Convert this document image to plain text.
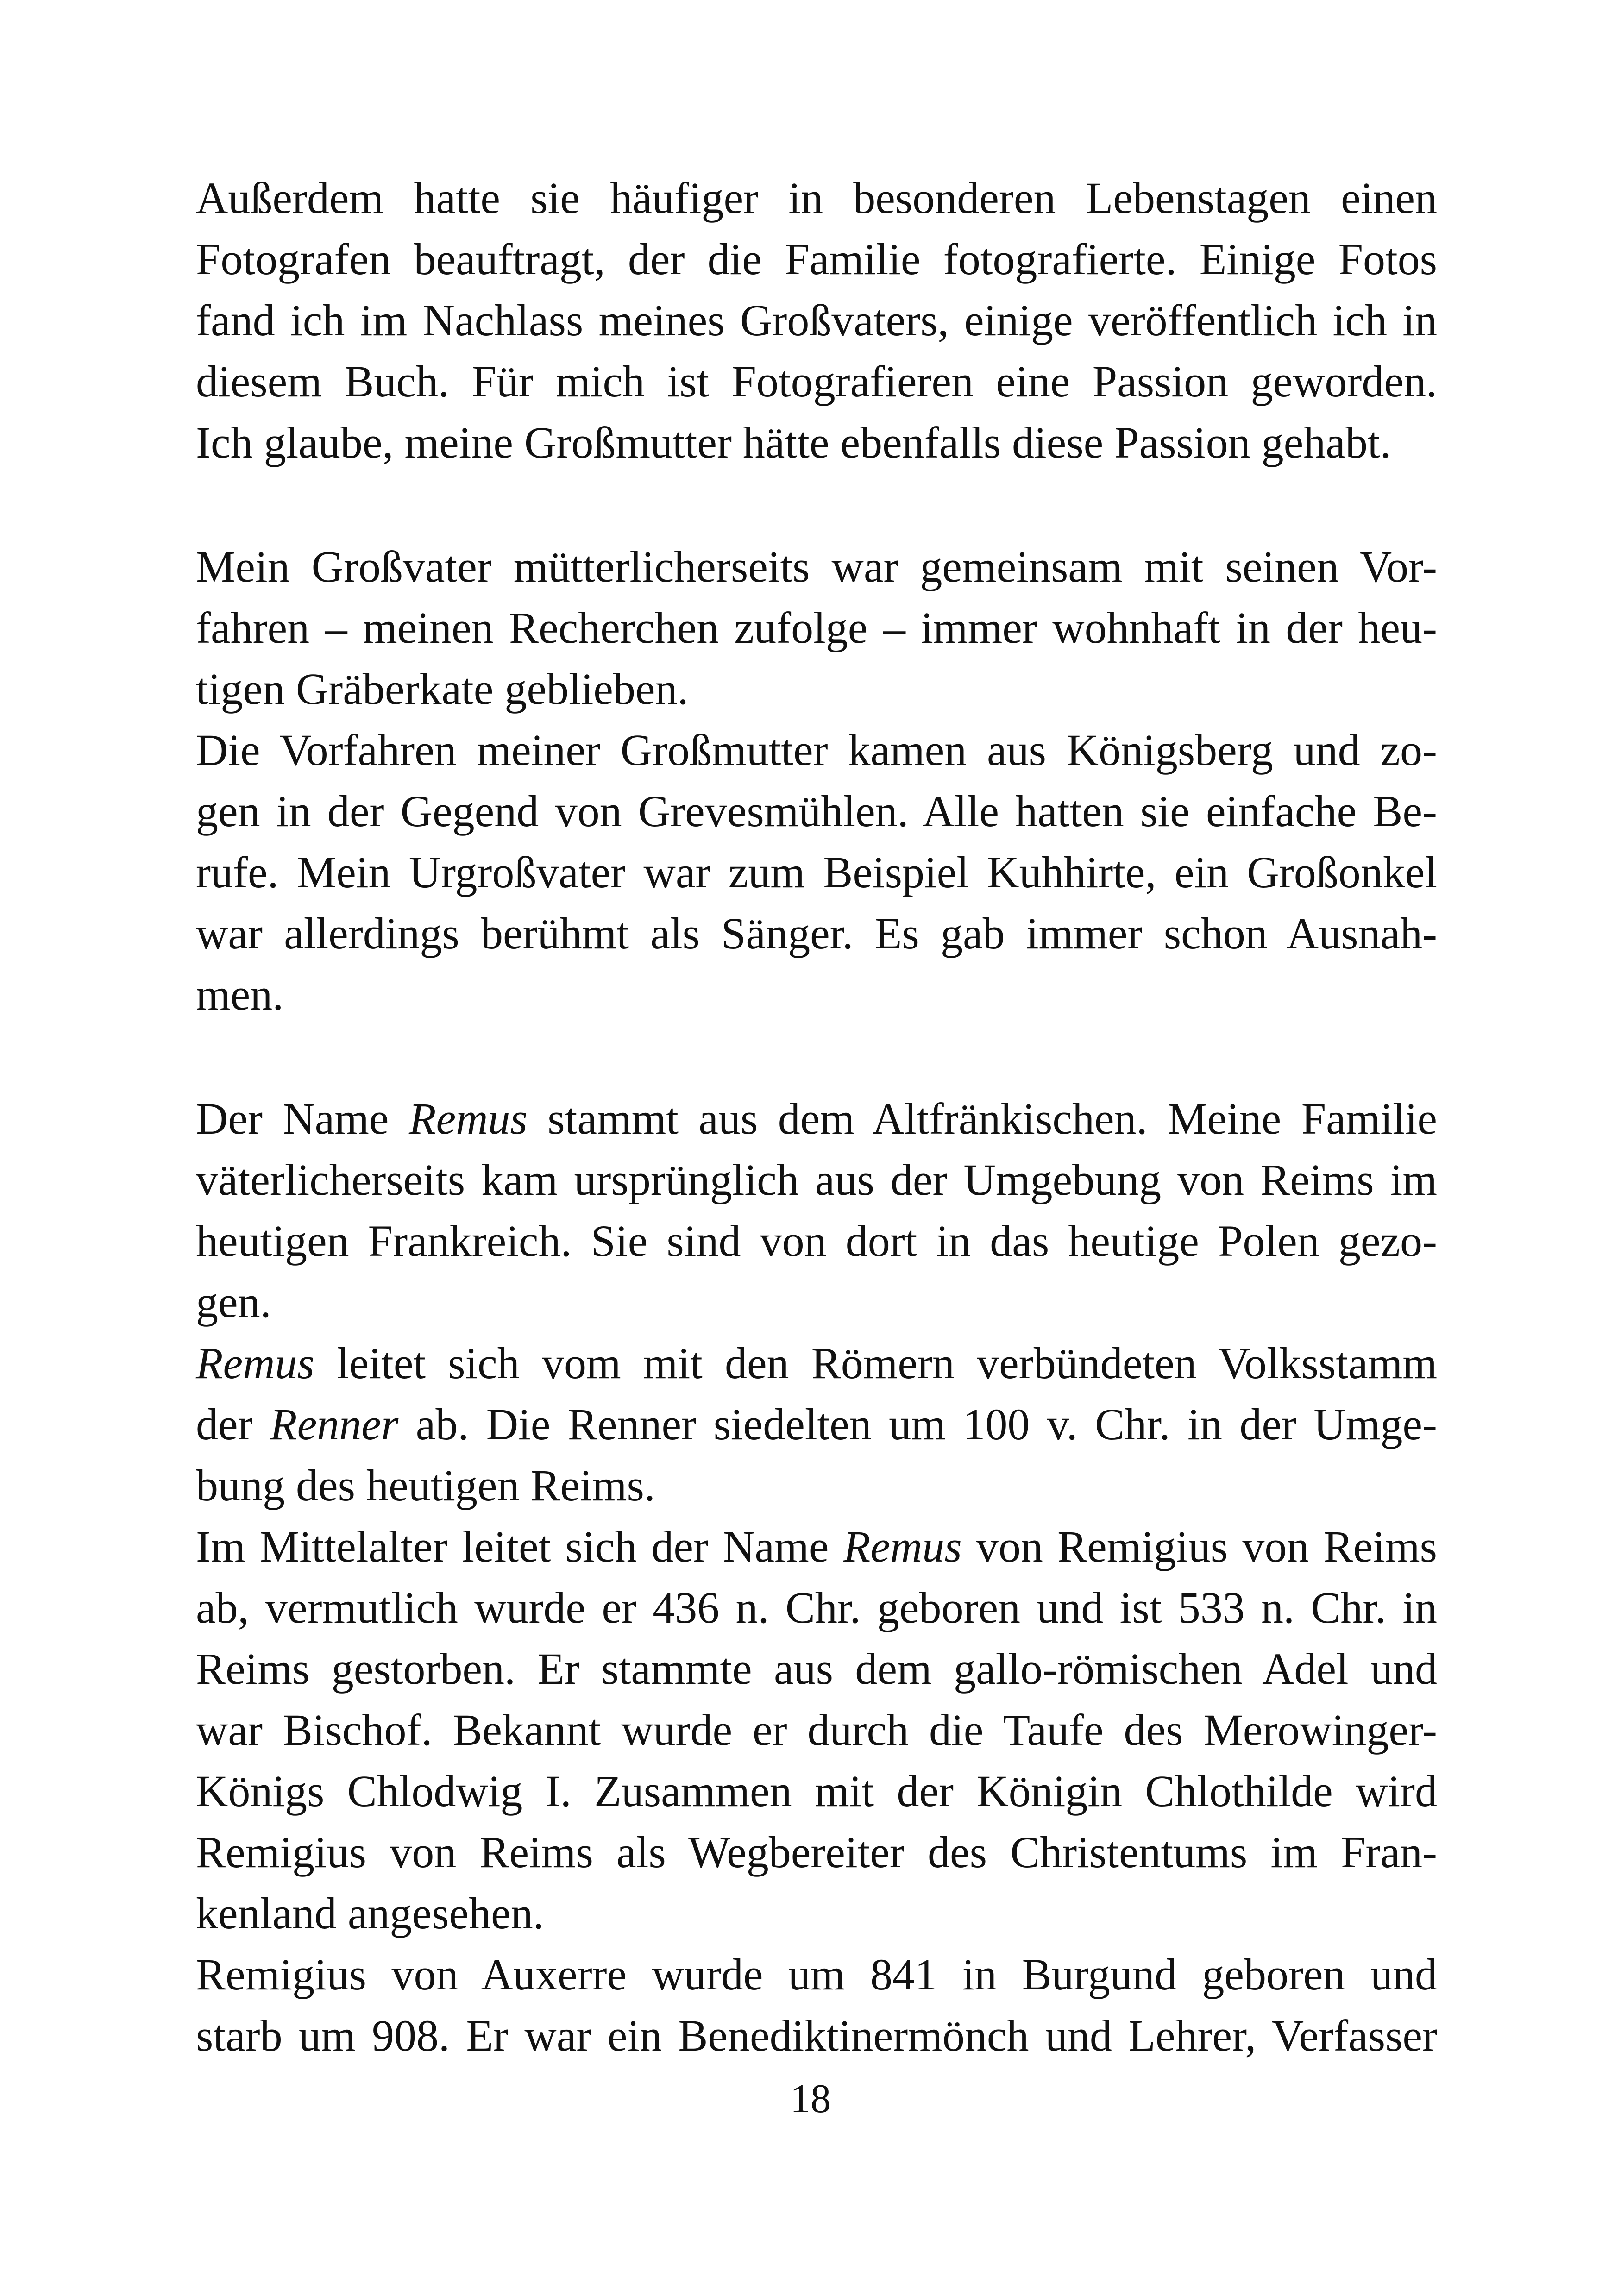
Außerdem hatte sie häufiger in besonderen Lebenstagen einen
Fotografen beauftragt, der die Familie fotografierte. Einige Fotos
fand ich im Nachlass meines Großvaters, einige veröffentlich ich in
diesem Buch. Für mich ist Fotografieren eine Passion geworden.
Ich glaube, meine Großmutter hätte ebenfalls diese Passion gehabt.
Mein Großvater mütterlicherseits war gemeinsam mit seinen Vor-
fahren – meinen Recherchen zufolge – immer wohnhaft in der heu-
tigen Gräberkate geblieben.
Die Vorfahren meiner Großmutter kamen aus Königsberg und zo-
gen in der Gegend von Grevesmühlen. Alle hatten sie einfache Be-
rufe. Mein Urgroßvater war zum Beispiel Kuhhirte, ein Großonkel
war allerdings berühmt als Sänger. Es gab immer schon Ausnah-
men.
Der Name Remus stammt aus dem Altfränkischen. Meine Familie
väterlicherseits kam ursprünglich aus der Umgebung von Reims im
heutigen Frankreich. Sie sind von dort in das heutige Polen gezo-
gen.
Remus leitet sich vom mit den Römern verbündeten Volksstamm
der Renner ab. Die Renner siedelten um 100 v. Chr. in der Umge-
bung des heutigen Reims.
Im Mittelalter leitet sich der Name Remus von Remigius von Reims
ab, vermutlich wurde er 436 n. Chr. geboren und ist 533 n. Chr. in
Reims gestorben. Er stammte aus dem gallo-römischen Adel und
war Bischof. Bekannt wurde er durch die Taufe des Merowinger-
Königs Chlodwig I. Zusammen mit der Königin Chlothilde wird
Remigius von Reims als Wegbereiter des Christentums im Fran-
kenland angesehen.
Remigius von Auxerre wurde um 841 in Burgund geboren und
starb um 908. Er war ein Benediktinermönch und Lehrer, Verfasser
18
